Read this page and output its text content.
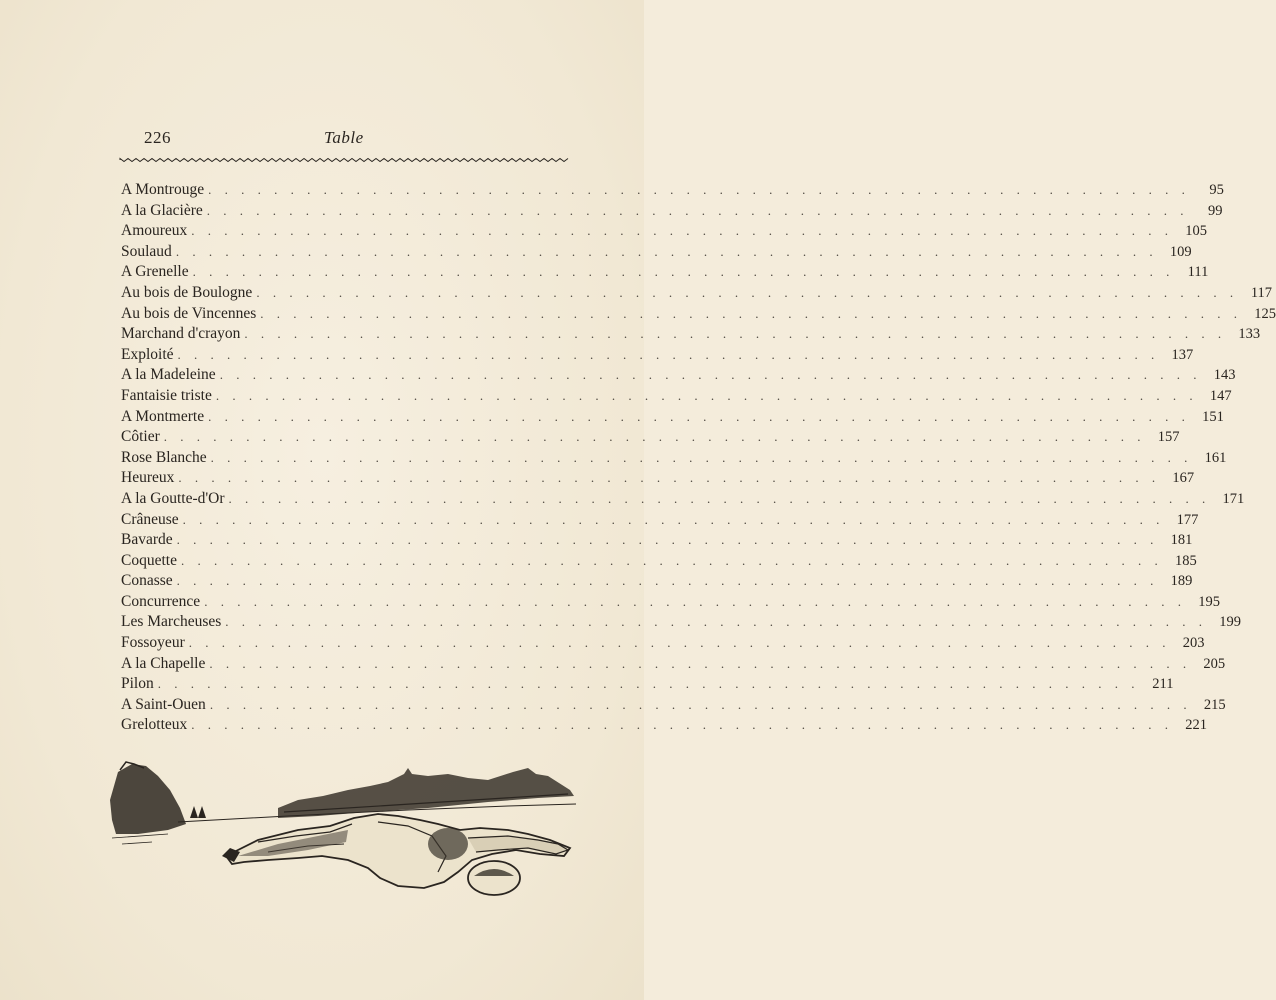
226	Table
A Montrouge . . . . . . . . . . . . . . . . . . . . . . . . . . . . . . . . . . . . . . . . . . . . . . . . . . . . . . . . . . . .	95
A la Glacière . . . . . . . . . . . . . . . . . . . . . . . . . . . . . . . . . . . . . . . . . . . . . . . . . . . . . . . . . . . .	99
Amoureux . . . . . . . . . . . . . . . . . . . . . . . . . . . . . . . . . . . . . . . . . . . . . . . . . . . . . . . . . . . . 105
Soulaud . . . . . . . . . . . . . . . . . . . . . . . . . . . . . . . . . . . . . . . . . . . . . . . . . . . . . . . . . . . . 109
A Grenelle . . . . . . . . . . . . . . . . . . . . . . . . . . . . . . . . . . . . . . . . . . . . . . . . . . . . . . . . . . . . 111
Au bois de Boulogne . . . . . . . . . . . . . . . . . . . . . . . . . . . . . . . . . . . . . . . . . . . . . . . . . . . . . . . . . . . . 117
Au bois de Vincennes . . . . . . . . . . . . . . . . . . . . . . . . . . . . . . . . . . . . . . . . . . . . . . . . . . . . . . . . . . . . 125
Marchand d'crayon . . . . . . . . . . . . . . . . . . . . . . . . . . . . . . . . . . . . . . . . . . . . . . . . . . . . . . . . . . . . 133
Exploité . . . . . . . . . . . . . . . . . . . . . . . . . . . . . . . . . . . . . . . . . . . . . . . . . . . . . . . . . . . . 137
A la Madeleine . . . . . . . . . . . . . . . . . . . . . . . . . . . . . . . . . . . . . . . . . . . . . . . . . . . . . . . . . . . . 143
Fantaisie triste . . . . . . . . . . . . . . . . . . . . . . . . . . . . . . . . . . . . . . . . . . . . . . . . . . . . . . . . . . . . 147
A Montmerte . . . . . . . . . . . . . . . . . . . . . . . . . . . . . . . . . . . . . . . . . . . . . . . . . . . . . . . . . . . . 151
Côtier . . . . . . . . . . . . . . . . . . . . . . . . . . . . . . . . . . . . . . . . . . . . . . . . . . . . . . . . . . . . 157
Rose Blanche . . . . . . . . . . . . . . . . . . . . . . . . . . . . . . . . . . . . . . . . . . . . . . . . . . . . . . . . . . . . 161
Heureux . . . . . . . . . . . . . . . . . . . . . . . . . . . . . . . . . . . . . . . . . . . . . . . . . . . . . . . . . . . . 167
A la Goutte-d'Or . . . . . . . . . . . . . . . . . . . . . . . . . . . . . . . . . . . . . . . . . . . . . . . . . . . . . . . . . . . . 171
Crâneuse . . . . . . . . . . . . . . . . . . . . . . . . . . . . . . . . . . . . . . . . . . . . . . . . . . . . . . . . . . . . 177
Bavarde . . . . . . . . . . . . . . . . . . . . . . . . . . . . . . . . . . . . . . . . . . . . . . . . . . . . . . . . . . . . 181
Coquette . . . . . . . . . . . . . . . . . . . . . . . . . . . . . . . . . . . . . . . . . . . . . . . . . . . . . . . . . . . . 185
Conasse . . . . . . . . . . . . . . . . . . . . . . . . . . . . . . . . . . . . . . . . . . . . . . . . . . . . . . . . . . . . 189
Concurrence . . . . . . . . . . . . . . . . . . . . . . . . . . . . . . . . . . . . . . . . . . . . . . . . . . . . . . . . . . . . 195
Les Marcheuses . . . . . . . . . . . . . . . . . . . . . . . . . . . . . . . . . . . . . . . . . . . . . . . . . . . . . . . . . . . . 199
Fossoyeur . . . . . . . . . . . . . . . . . . . . . . . . . . . . . . . . . . . . . . . . . . . . . . . . . . . . . . . . . . . . 203
A la Chapelle . . . . . . . . . . . . . . . . . . . . . . . . . . . . . . . . . . . . . . . . . . . . . . . . . . . . . . . . . . . . 205
Pilon . . . . . . . . . . . . . . . . . . . . . . . . . . . . . . . . . . . . . . . . . . . . . . . . . . . . . . . . . . . . 211
A Saint-Ouen . . . . . . . . . . . . . . . . . . . . . . . . . . . . . . . . . . . . . . . . . . . . . . . . . . . . . . . . . . . . 215
Grelotteux . . . . . . . . . . . . . . . . . . . . . . . . . . . . . . . . . . . . . . . . . . . . . . . . . . . . . . . . . . . . 221
